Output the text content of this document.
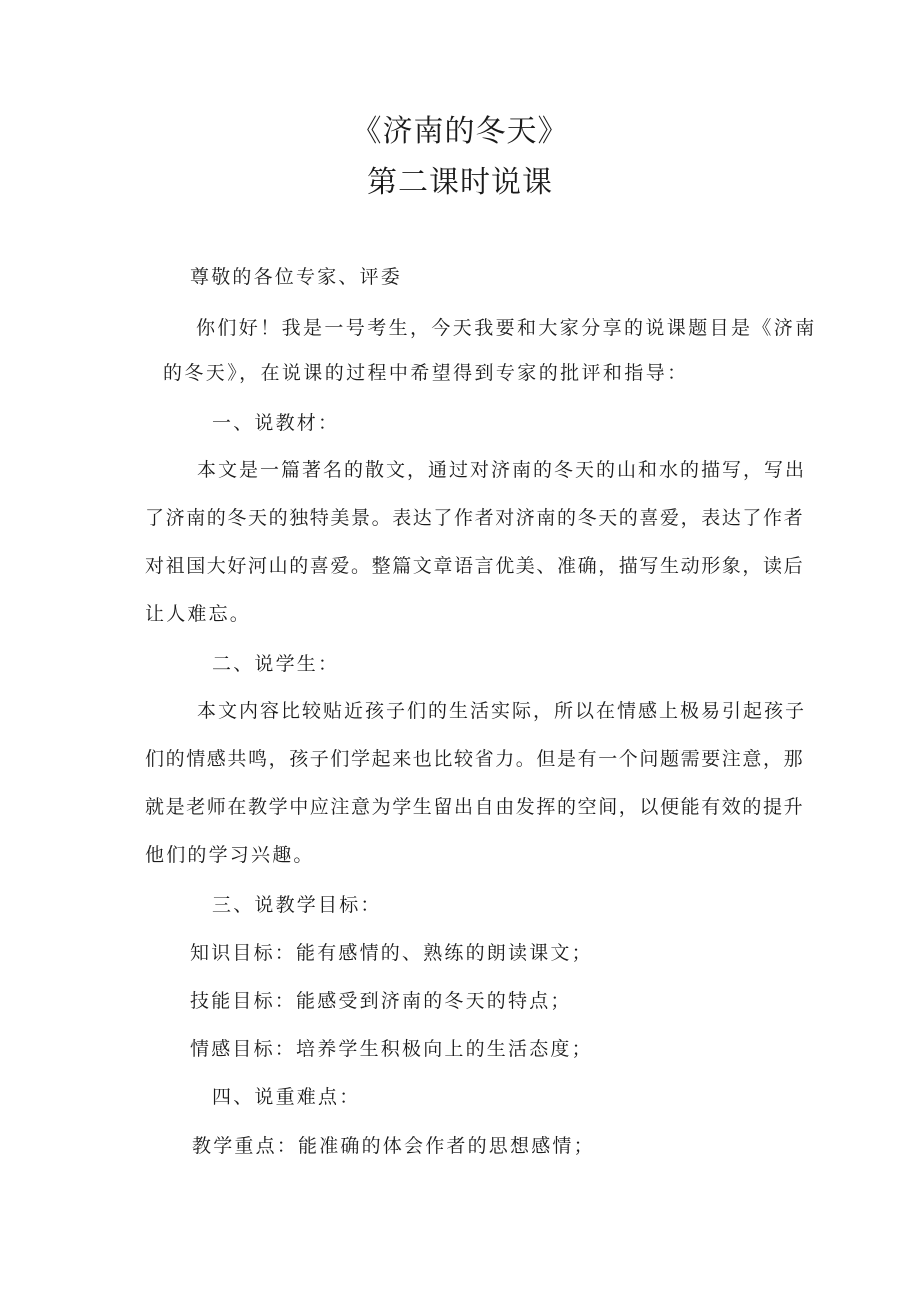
《济南的冬天》
第二课时说课
尊敬的各位专家、评委
你们好！我是一号考生，今天我要和大家分享的说课题目是《济南
的冬天》，在说课的过程中希望得到专家的批评和指导：
一、说教材：
本文是一篇著名的散文，通过对济南的冬天的山和水的描写，写出
了济南的冬天的独特美景。表达了作者对济南的冬天的喜爱，表达了作者
对祖国大好河山的喜爱。整篇文章语言优美、准确，描写生动形象，读后
让人难忘。
二、说学生：
本文内容比较贴近孩子们的生活实际，所以在情感上极易引起孩子
们的情感共鸣，孩子们学起来也比较省力。但是有一个问题需要注意，那
就是老师在教学中应注意为学生留出自由发挥的空间，以便能有效的提升
他们的学习兴趣。
三、说教学目标：
知识目标：能有感情的、熟练的朗读课文；
技能目标：能感受到济南的冬天的特点；
情感目标：培养学生积极向上的生活态度；
四、说重难点：
教学重点：能准确的体会作者的思想感情；
